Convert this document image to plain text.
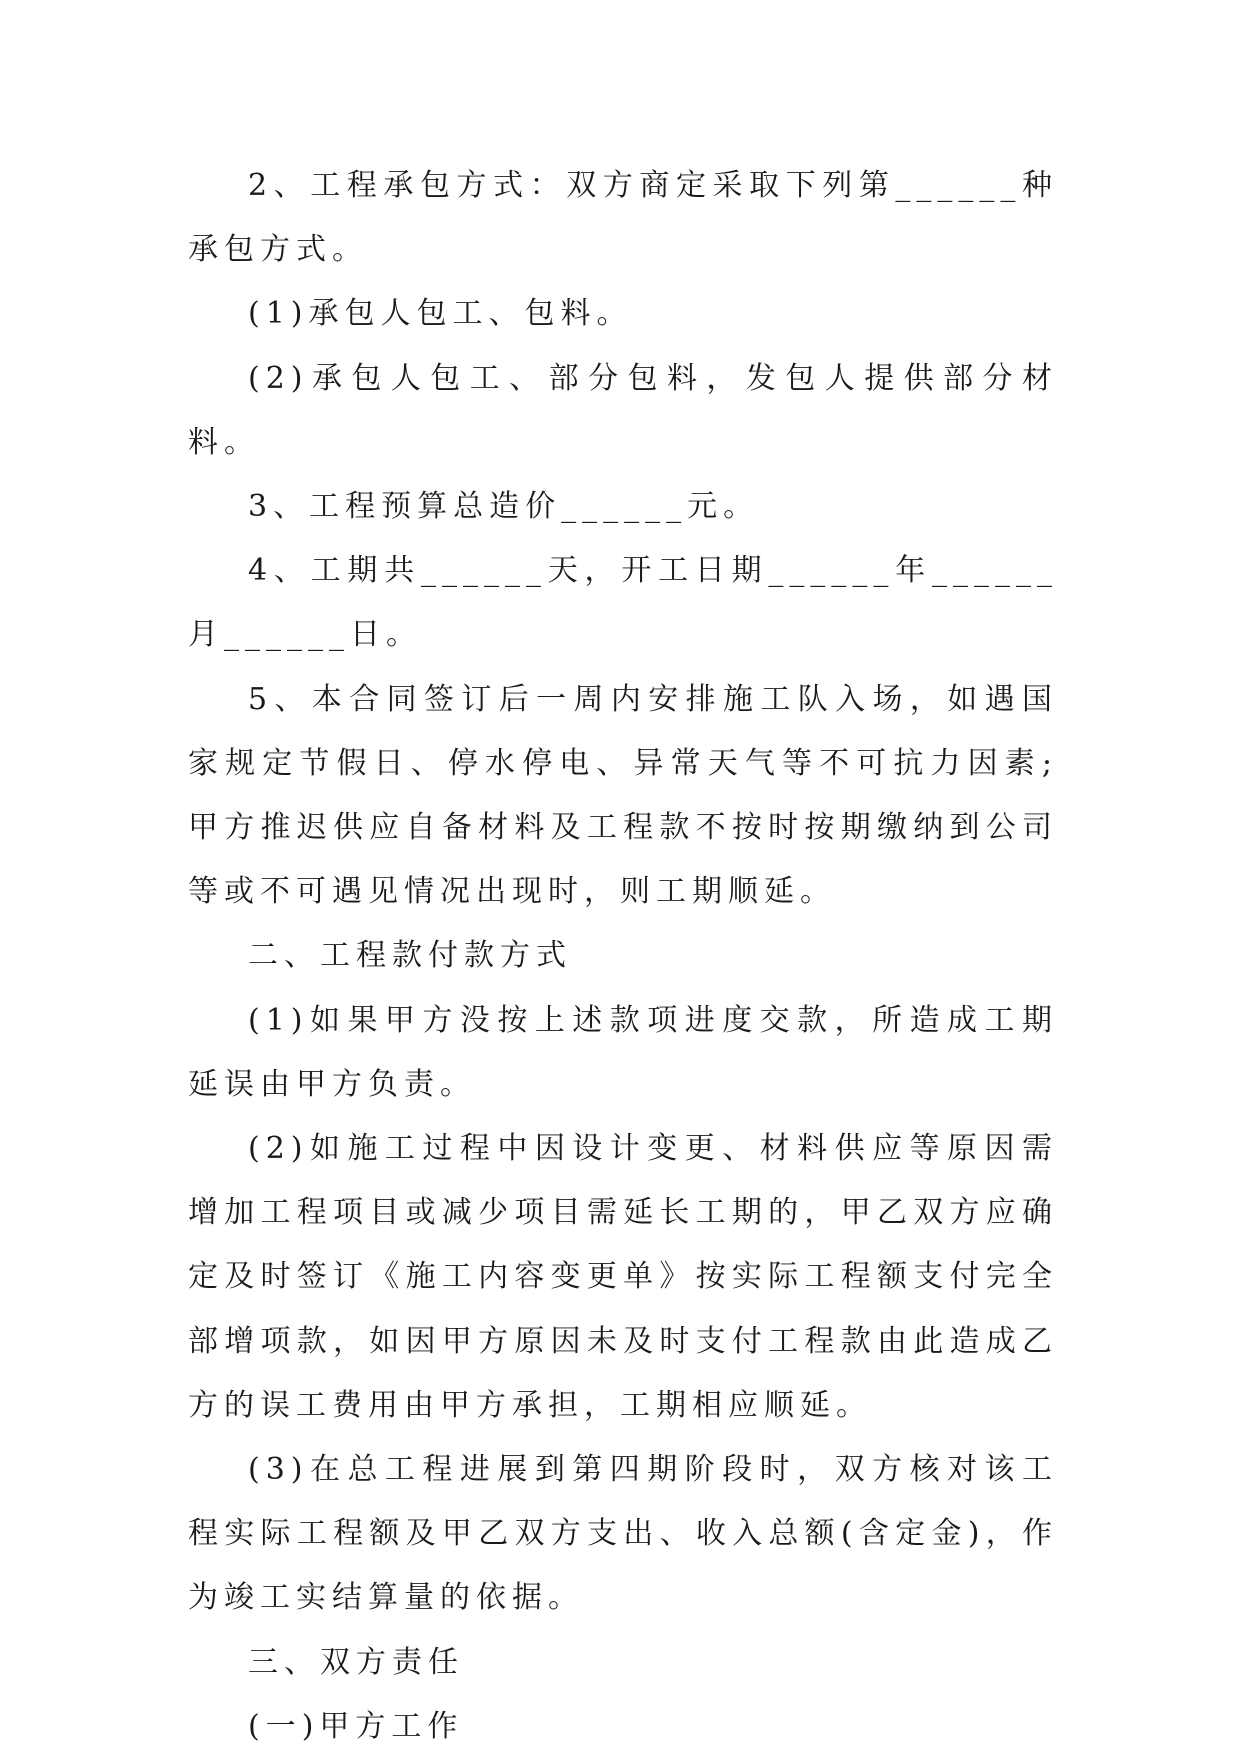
2、工程承包方式：双方商定采取下列第______种承包方式。

(1)承包人包工、包料。

(2)承包人包工、部分包料，发包人提供部分材料。

3、工程预算总造价______元。

4、工期共______天，开工日期______年______月______日。

5、本合同签订后一周内安排施工队入场，如遇国家规定节假日、停水停电、异常天气等不可抗力因素;甲方推迟供应自备材料及工程款不按时按期缴纳到公司等或不可遇见情况出现时，则工期顺延。

二、工程款付款方式

(1)如果甲方没按上述款项进度交款，所造成工期延误由甲方负责。

(2)如施工过程中因设计变更、材料供应等原因需增加工程项目或减少项目需延长工期的，甲乙双方应确定及时签订《施工内容变更单》按实际工程额支付完全部增项款，如因甲方原因未及时支付工程款由此造成乙方的误工费用由甲方承担，工期相应顺延。

(3)在总工程进展到第四期阶段时，双方核对该工程实际工程额及甲乙双方支出、收入总额(含定金)，作为竣工实结算量的依据。

三、双方责任

(一)甲方工作
